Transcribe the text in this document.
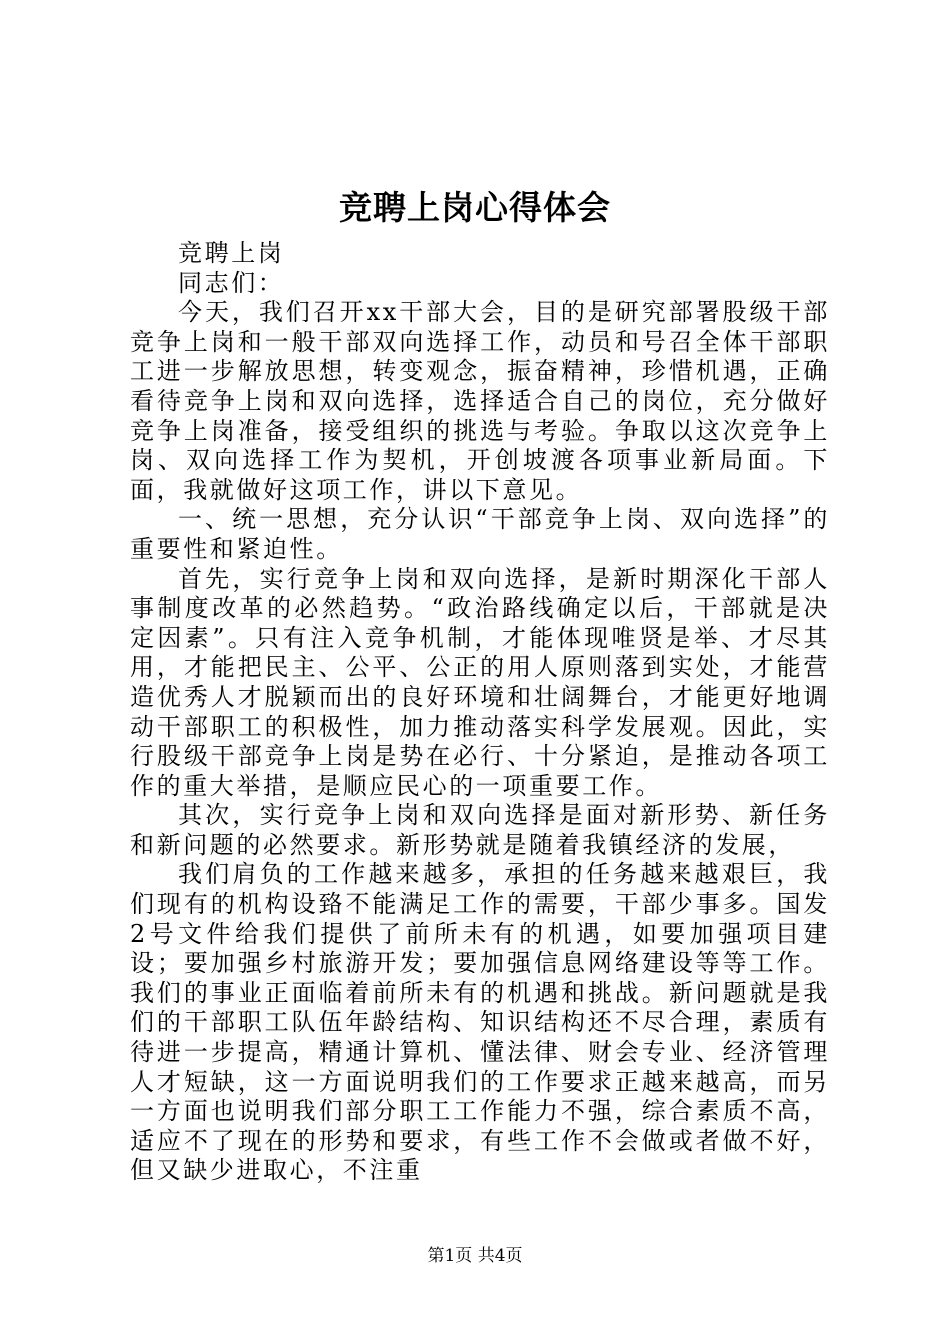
竞聘上岗心得体会

竞聘上岗

同志们：

今天，我们召开xx干部大会，目的是研究部署股级干部竞争上岗和一般干部双向选择工作，动员和号召全体干部职工进一步解放思想，转变观念，振奋精神，珍惜机遇，正确看待竞争上岗和双向选择，选择适合自己的岗位，充分做好竞争上岗准备，接受组织的挑选与考验。争取以这次竞争上岗、双向选择工作为契机，开创坡渡各项事业新局面。下面，我就做好这项工作，讲以下意见。

一、统一思想，充分认识“干部竞争上岗、双向选择”的重要性和紧迫性。

首先，实行竞争上岗和双向选择，是新时期深化干部人事制度改革的必然趋势。“政治路线确定以后，干部就是决定因素”。只有注入竞争机制，才能体现唯贤是举、才尽其用，才能把民主、公平、公正的用人原则落到实处，才能营造优秀人才脱颖而出的良好环境和壮阔舞台，才能更好地调动干部职工的积极性，加力推动落实科学发展观。因此，实行股级干部竞争上岗是势在必行、十分紧迫，是推动各项工作的重大举措，是顺应民心的一项重要工作。

其次，实行竞争上岗和双向选择是面对新形势、新任务和新问题的必然要求。新形势就是随着我镇经济的发展，

我们肩负的工作越来越多，承担的任务越来越艰巨，我们现有的机构设臵不能满足工作的需要，干部少事多。国发2号文件给我们提供了前所未有的机遇，如要加强项目建设；要加强乡村旅游开发；要加强信息网络建设等等工作。我们的事业正面临着前所未有的机遇和挑战。新问题就是我们的干部职工队伍年龄结构、知识结构还不尽合理，素质有待进一步提高，精通计算机、懂法律、财会专业、经济管理人才短缺，这一方面说明我们的工作要求正越来越高，而另一方面也说明我们部分职工工作能力不强，综合素质不高，适应不了现在的形势和要求，有些工作不会做或者做不好，但又缺少进取心，不注重

第1页 共4页
